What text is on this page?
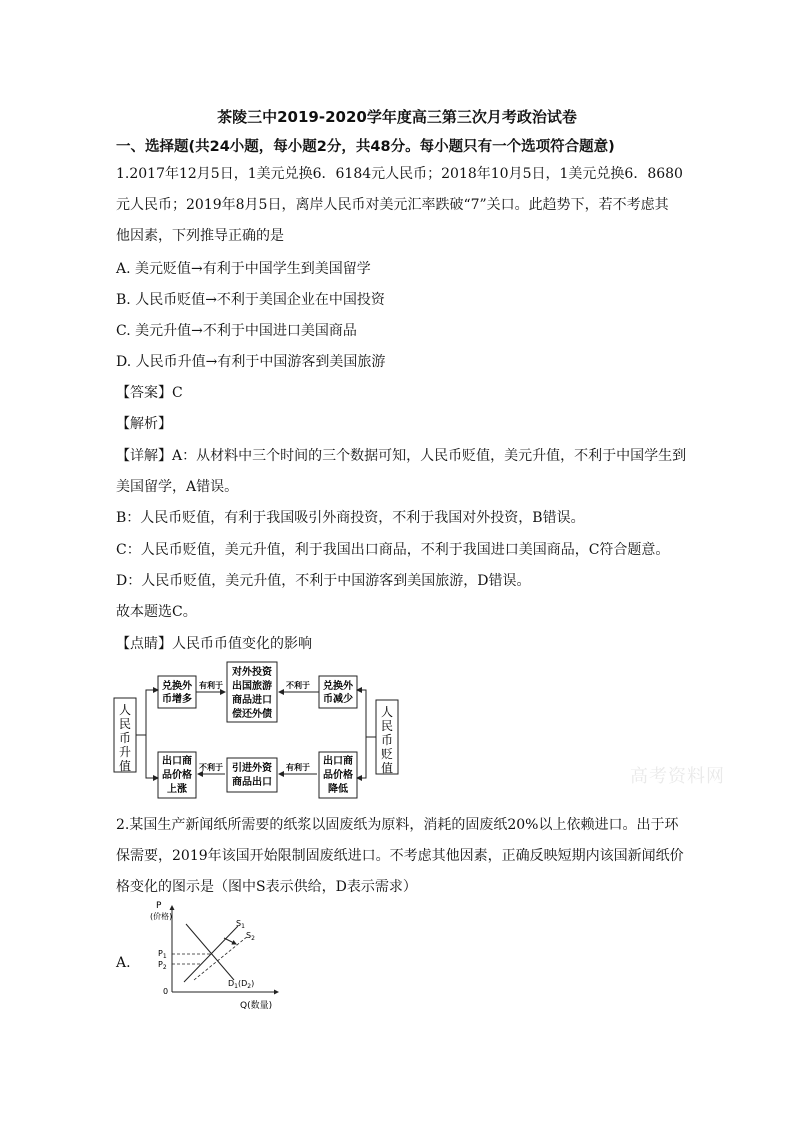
茶陵三中2019-2020学年度高三第三次月考政治试卷
一、选择题(共24小题，每小题2分，共48分。每小题只有一个选项符合题意)
1.2017年12月5日，1美元兑换6．6184元人民币；2018年10月5日，1美元兑换6．8680
元人民币；2019年8月5日，离岸人民币对美元汇率跌破“7”关口。此趋势下，若不考虑其
他因素，下列推导正确的是
A. 美元贬值→有利于中国学生到美国留学
B. 人民币贬值→不利于美国企业在中国投资
C. 美元升值→不利于中国进口美国商品
D. 人民币升值→有利于中国游客到美国旅游
【答案】C
【解析】
【详解】A：从材料中三个时间的三个数据可知，人民币贬值，美元升值，不利于中国学生到
美国留学，A错误。
B：人民币贬值，有利于我国吸引外商投资，不利于我国对外投资，B错误。
C：人民币贬值，美元升值，利于我国出口商品，不利于我国进口美国商品，C符合题意。
D：人民币贬值，美元升值，不利于中国游客到美国旅游，D错误。
故本题选C。
【点睛】人民币币值变化的影响
人
民
币
升
值
人
民
币
贬
值
兑换外
币增多
对外投资
出国旅游
商品进口
偿还外债
兑换外
币减少
有利于	不利于
出口商
品价格
上涨
引进外资
商品出口
出口商
品价格
降低
不利于	有利于	高考资料网
2.某国生产新闻纸所需要的纸浆以固废纸为原料，消耗的固废纸20%以上依赖进口。出于环
保需要，2019年该国开始限制固废纸进口。不考虑其他因素，正确反映短期内该国新闻纸价
格变化的图示是（图中S表示供给，D表示需求）
A.
P
(价格)
Q(数量)
0
$P_1$
$P_2$
$S_1$
$S_2$
$D_1(D_2)$
